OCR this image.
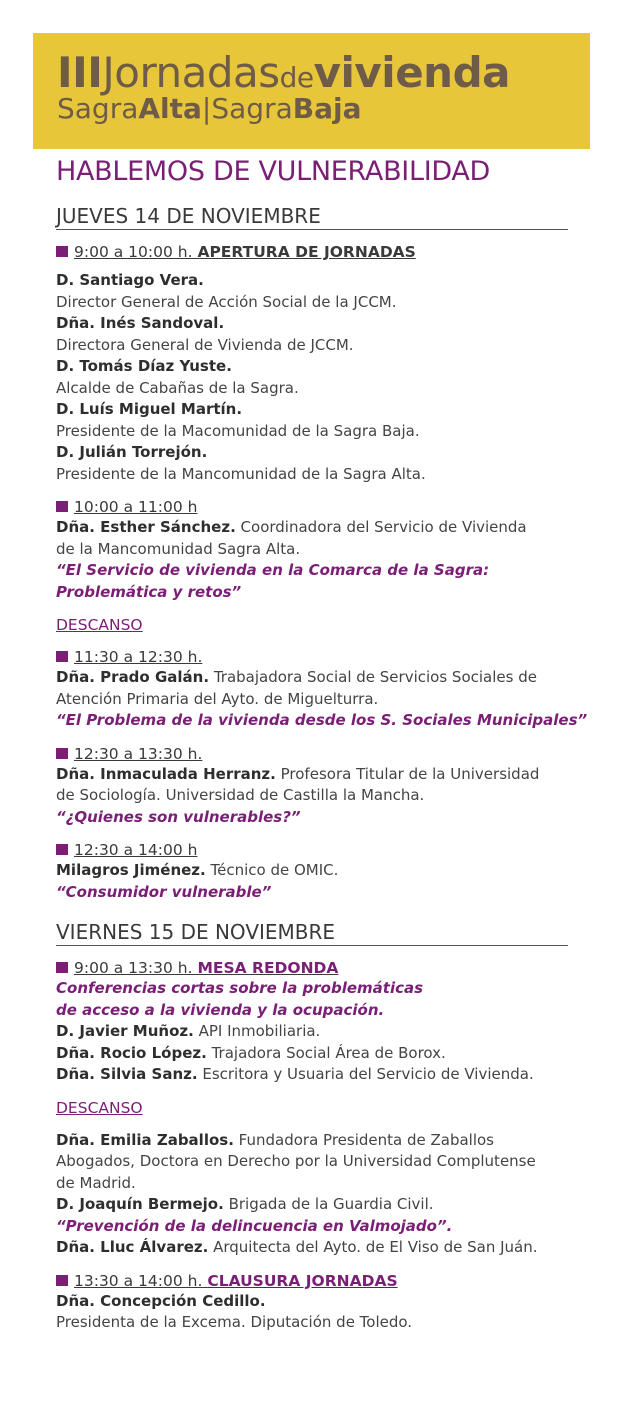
IIIJornadasdevivienda
SagraAlta|SagraBaja
HABLEMOS DE VULNERABILIDAD
JUEVES 14 DE NOVIEMBRE
9:00 a 10:00 h. APERTURA DE JORNADAS
D. Santiago Vera.
Director General de Acción Social de la JCCM.
Dña. Inés Sandoval.
Directora General de Vivienda de JCCM.
D. Tomás Díaz Yuste.
Alcalde de Cabañas de la Sagra.
D. Luís Miguel Martín.
Presidente de la Macomunidad de la Sagra Baja.
D. Julián Torrejón.
Presidente de la Mancomunidad de la Sagra Alta.
10:00 a 11:00 h
Dña. Esther Sánchez. Coordinadora del Servicio de Vivienda
de la Mancomunidad Sagra Alta.
“El Servicio de vivienda en la Comarca de la Sagra:
Problemática y retos”
DESCANSO
11:30 a 12:30 h.
Dña. Prado Galán. Trabajadora Social de Servicios Sociales de
Atención Primaria del Ayto. de Miguelturra.
“El Problema de la vivienda desde los S. Sociales Municipales”
12:30 a 13:30 h.
Dña. Inmaculada Herranz. Profesora Titular de la Universidad
de Sociología. Universidad de Castilla la Mancha.
“¿Quienes son vulnerables?”
12:30 a 14:00 h
Milagros Jiménez. Técnico de OMIC.
“Consumidor vulnerable”
VIERNES 15 DE NOVIEMBRE
9:00 a 13:30 h. MESA REDONDA
Conferencias cortas sobre la problemáticas
de acceso a la vivienda y la ocupación.
D. Javier Muñoz. API Inmobiliaria.
Dña. Rocio López. Trajadora Social Área de Borox.
Dña. Silvia Sanz. Escritora y Usuaria del Servicio de Vivienda.
DESCANSO
Dña. Emilia Zaballos. Fundadora Presidenta de Zaballos
Abogados, Doctora en Derecho por la Universidad Complutense
de Madrid.
D. Joaquín Bermejo. Brigada de la Guardia Civil.
“Prevención de la delincuencia en Valmojado”.
Dña. Lluc Álvarez. Arquitecta del Ayto. de El Viso de San Juán.
13:30 a 14:00 h. CLAUSURA JORNADAS
Dña. Concepción Cedillo.
Presidenta de la Excema. Diputación de Toledo.
